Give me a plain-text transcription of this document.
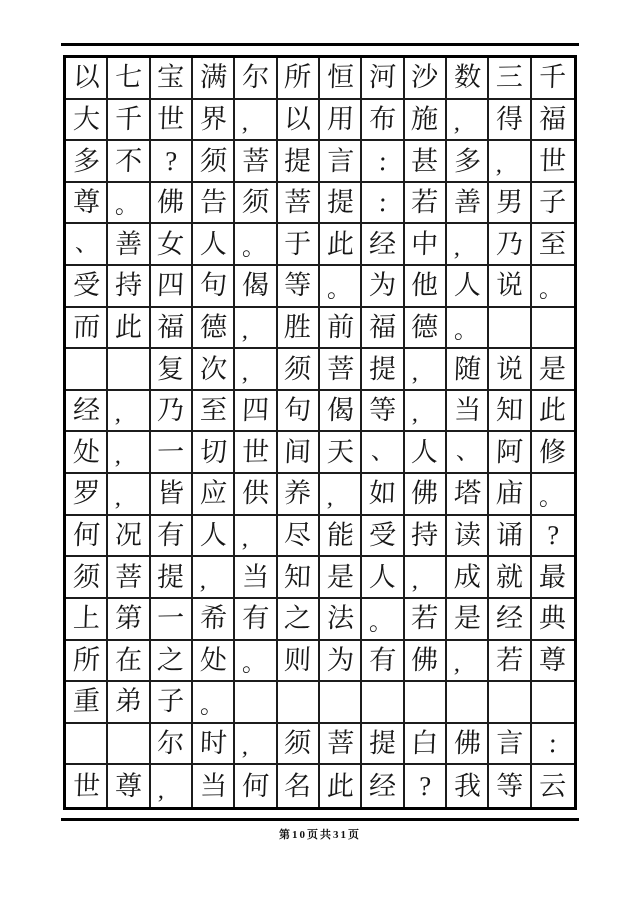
以 七 宝 满 尔 所 恒 河 沙 数 三 千
大 千 世 界 , 以 用 布 施 , 得 福
多 不 ? 须 菩 提 言 : 甚 多 , 世
尊 。 佛 告 须 菩 提 : 若 善 男 子
、 善 女 人 。 于 此 经 中 , 乃 至
受 持 四 句 偈 等 。 为 他 人 说 。
而 此 福 德 , 胜 前 福 德 。
复 次 , 须 菩 提 , 随 说 是
经 , 乃 至 四 句 偈 等 , 当 知 此
处 , 一 切 世 间 天 、 人 、 阿 修
罗 , 皆 应 供 养 , 如 佛 塔 庙 。
何 况 有 人 , 尽 能 受 持 读 诵 ?
须 菩 提 , 当 知 是 人 , 成 就 最
上 第 一 希 有 之 法 。 若 是 经 典
所 在 之 处 。 则 为 有 佛 , 若 尊
重 弟 子 。
尔 时 , 须 菩 提 白 佛 言 :
世 尊 , 当 何 名 此 经 ? 我 等 云
第10页共31页
